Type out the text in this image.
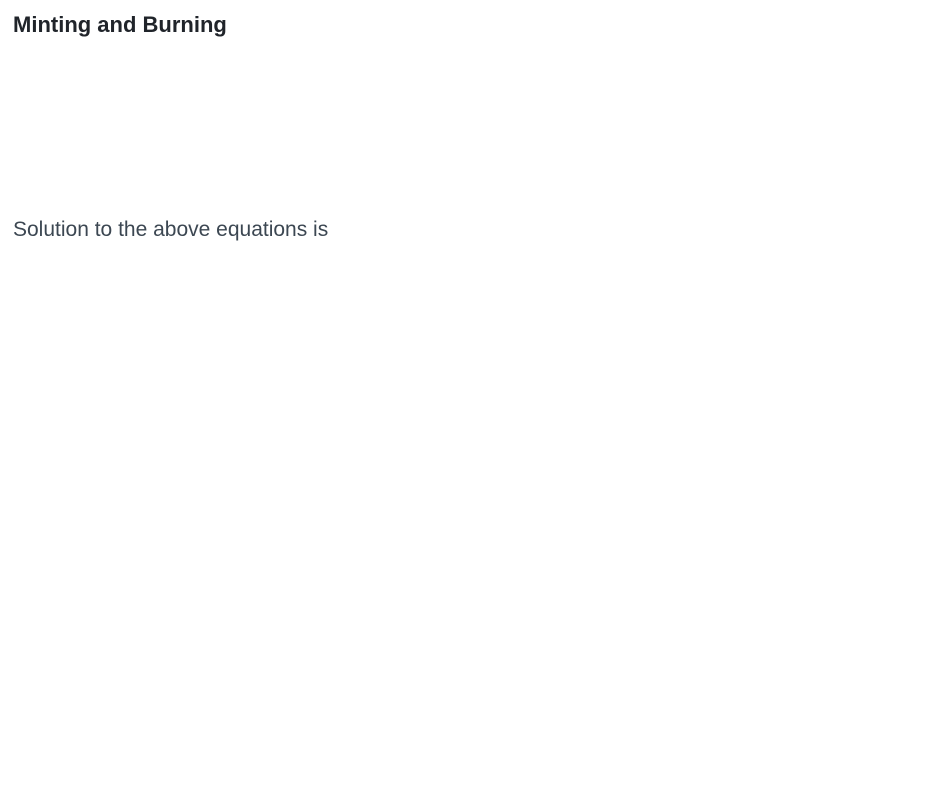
Minting and Burning

Solution to the above equations is
